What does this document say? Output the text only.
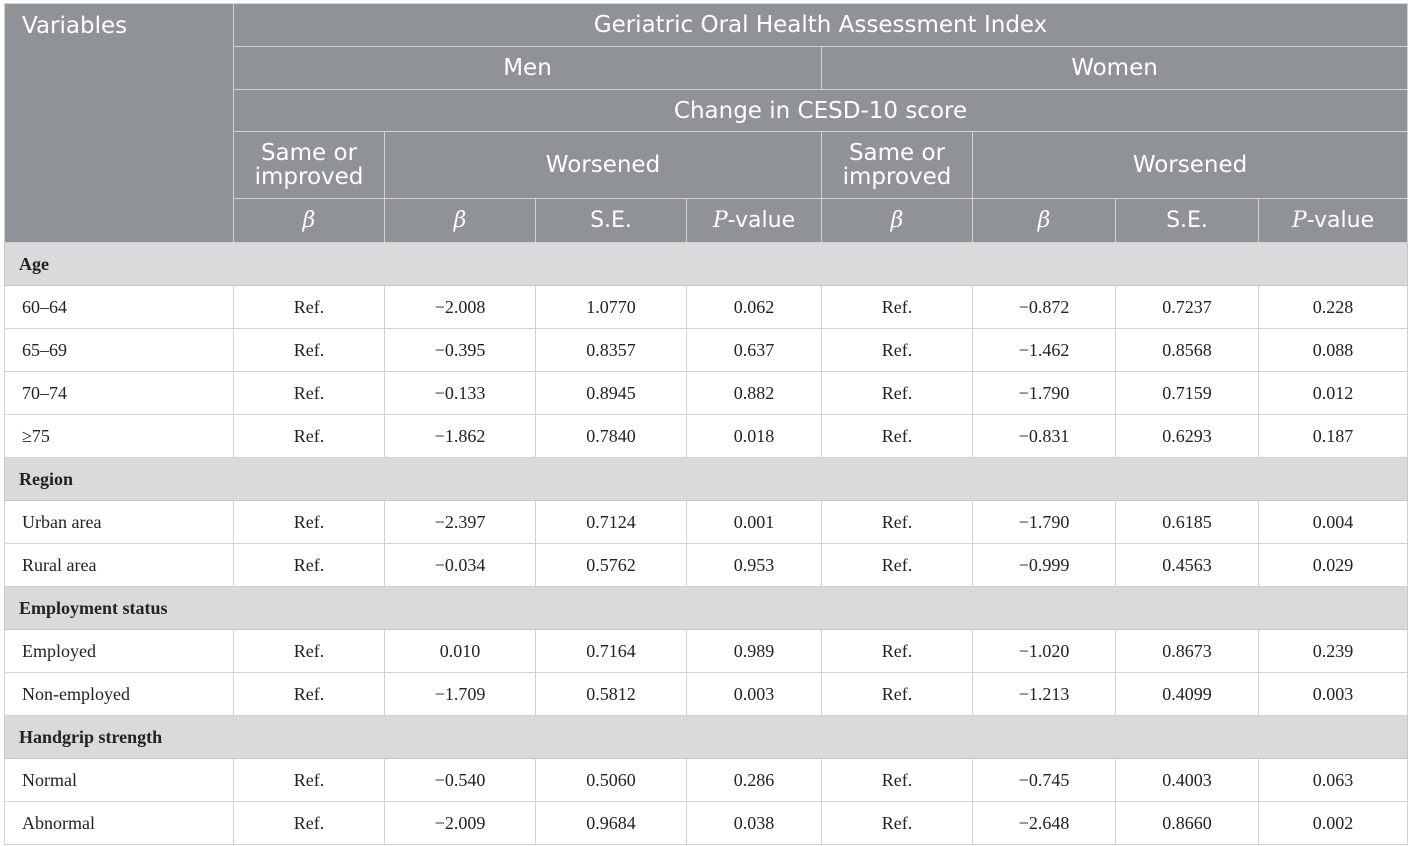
Variables	Geriatric Oral Health Assessment Index							
	Men				Women			
	Change in CESD-10 score							
	Same or improved	Worsened			Same or improved	Worsened		
	β	β	S.E.	P-value	β	β	S.E.	P-value
Age								
60–64	Ref.	−2.008	1.0770	0.062	Ref.	−0.872	0.7237	0.228
65–69	Ref.	−0.395	0.8357	0.637	Ref.	−1.462	0.8568	0.088
70–74	Ref.	−0.133	0.8945	0.882	Ref.	−1.790	0.7159	0.012
≥75	Ref.	−1.862	0.7840	0.018	Ref.	−0.831	0.6293	0.187
Region								
Urban area	Ref.	−2.397	0.7124	0.001	Ref.	−1.790	0.6185	0.004
Rural area	Ref.	−0.034	0.5762	0.953	Ref.	−0.999	0.4563	0.029
Employment status								
Employed	Ref.	0.010	0.7164	0.989	Ref.	−1.020	0.8673	0.239
Non-employed	Ref.	−1.709	0.5812	0.003	Ref.	−1.213	0.4099	0.003
Handgrip strength								
Normal	Ref.	−0.540	0.5060	0.286	Ref.	−0.745	0.4003	0.063
Abnormal	Ref.	−2.009	0.9684	0.038	Ref.	−2.648	0.8660	0.002
